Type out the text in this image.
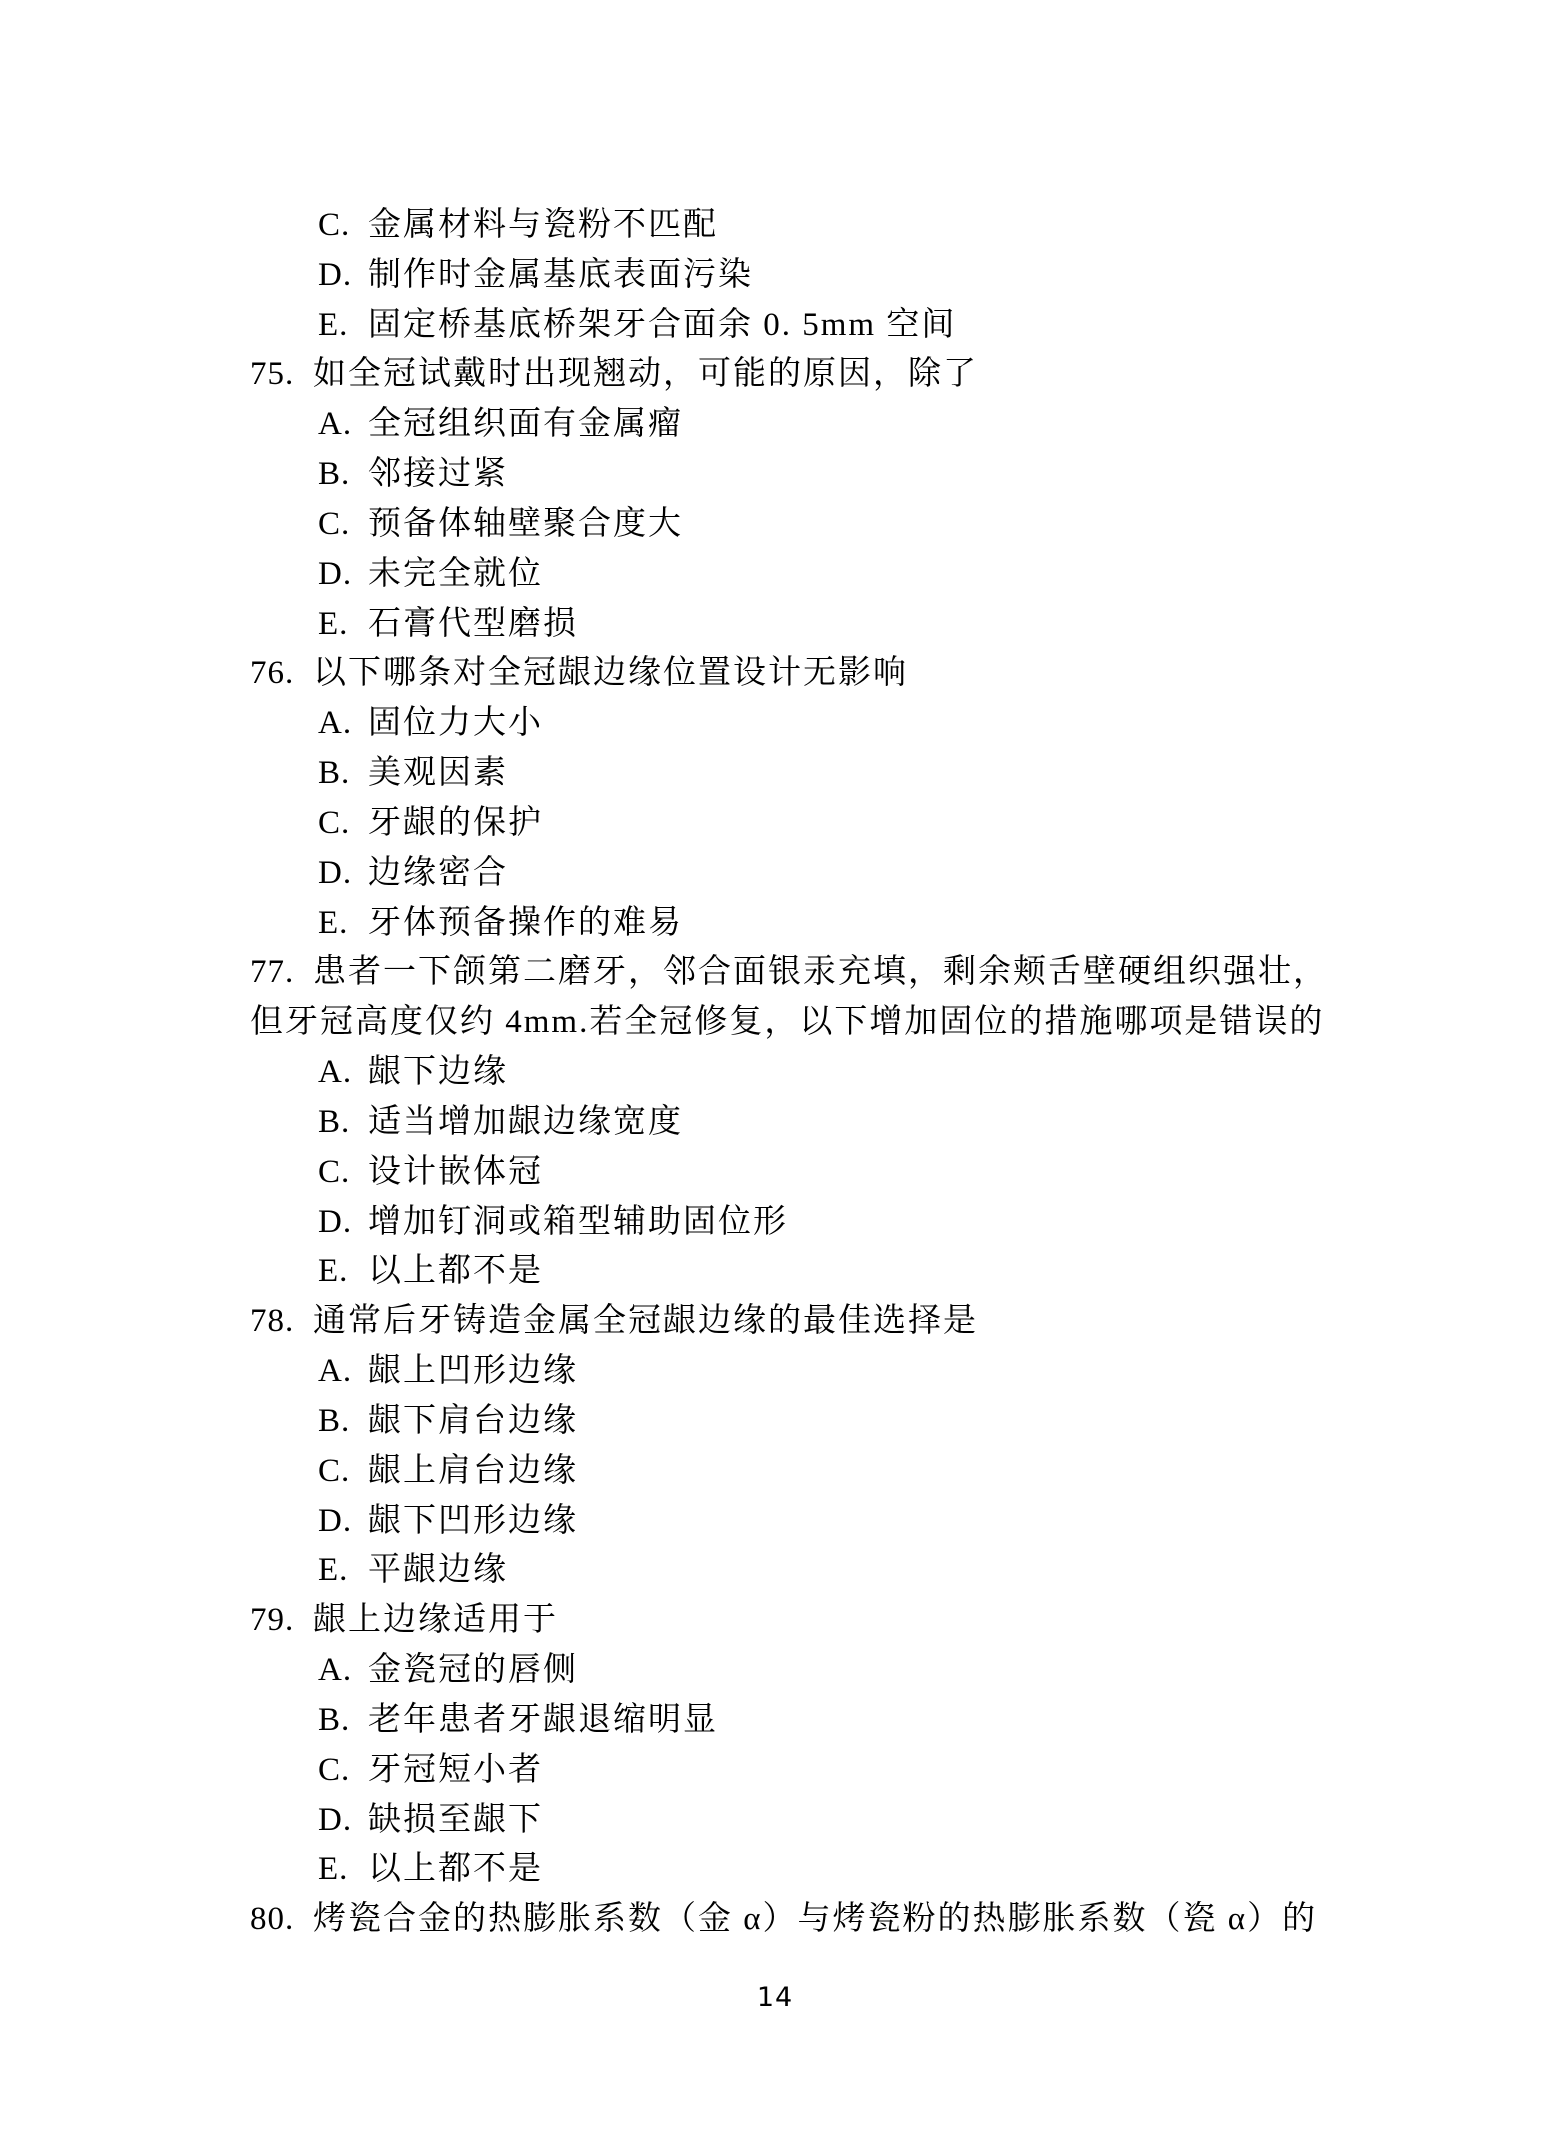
C. 金属材料与瓷粉不匹配
D. 制作时金属基底表面污染
E. 固定桥基底桥架牙合面余 0. 5mm 空间
75. 如全冠试戴时出现翘动，可能的原因，除了
A. 全冠组织面有金属瘤
B. 邻接过紧
C. 预备体轴壁聚合度大
D. 未完全就位
E. 石膏代型磨损
76. 以下哪条对全冠龈边缘位置设计无影响
A. 固位力大小
B. 美观因素
C. 牙龈的保护
D. 边缘密合
E. 牙体预备操作的难易
77. 患者一下颌第二磨牙，邻合面银汞充填，剩余颊舌壁硬组织强壮，
但牙冠高度仅约 4mm.若全冠修复，以下增加固位的措施哪项是错误的
A. 龈下边缘
B. 适当增加龈边缘宽度
C. 设计嵌体冠
D. 增加钉洞或箱型辅助固位形
E. 以上都不是
78. 通常后牙铸造金属全冠龈边缘的最佳选择是
A. 龈上凹形边缘
B. 龈下肩台边缘
C. 龈上肩台边缘
D. 龈下凹形边缘
E. 平龈边缘
79. 龈上边缘适用于
A. 金瓷冠的唇侧
B. 老年患者牙龈退缩明显
C. 牙冠短小者
D. 缺损至龈下
E. 以上都不是
80. 烤瓷合金的热膨胀系数（金 α）与烤瓷粉的热膨胀系数（瓷 α）的
14
